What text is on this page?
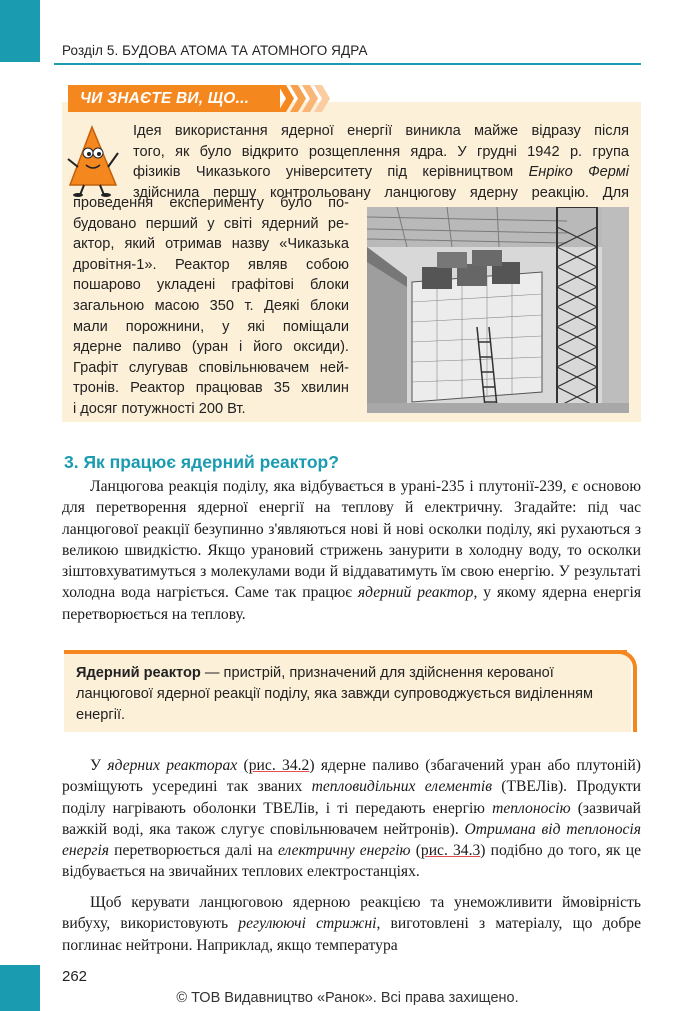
Розділ 5. БУДОВА АТОМА ТА АТОМНОГО ЯДРА
ЧИ ЗНАЄТЕ ВИ, ЩО...
Ідея використання ядерної енергії виникла майже відразу після
того, як було відкрито розщеплення ядра. У грудні 1942 р. група
фізиків Чиказького університету під керівництвом Енріко Фермі
здійснила першу контрольовану ланцюгову ядерну реакцію. Для
проведення експерименту було по-
будовано перший у світі ядерний ре-
актор, який отримав назву «Чиказька
дровітня-1». Реактор являв собою
пошарово укладені графітові блоки
загальною масою 350 т. Деякі блоки
мали порожнини, у які поміщали
ядерне паливо (уран і його оксиди).
Графіт слугував сповільнювачем ней-
тронів. Реактор працював 35 хвилин
і досяг потужності 200 Вт.
3. Як працює ядерний реактор?
Ланцюгова реакція поділу, яка відбувається в урані-235 і плутонії-239, є основою для перетворення ядерної енергії на теплову й електричну. Згадайте: під час ланцюгової реакції безупинно з'являються нові й нові осколки поділу, які рухаються з великою швидкістю. Якщо урановий стрижень занурити в холодну воду, то осколки зіштовхуватимуться з молекулами води й віддаватимуть їм свою енергію. У результаті холодна вода нагріється. Саме так працює ядерний реактор, у якому ядерна енергія перетворюється на теплову.
Ядерний реактор — пристрій, призначений для здійснення керованої ланцюгової ядерної реакції поділу, яка завжди супроводжується виділенням енергії.
У ядерних реакторах (рис. 34.2) ядерне паливо (збагачений уран або плутоній) розміщують усередині так званих тепловидільних елементів (ТВЕЛів). Продукти поділу нагрівають оболонки ТВЕЛів, і ті передають енергію теплоносію (зазвичай важкій воді, яка також слугує сповільнювачем нейтронів). Отримана від теплоносія енергія перетворюється далі на електричну енергію (рис. 34.3) подібно до того, як це відбувається на звичайних теплових електростанціях.
Щоб керувати ланцюговою ядерною реакцією та унеможливити ймовірність вибуху, використовують регулюючі стрижні, виготовлені з матеріалу, що добре поглинає нейтрони. Наприклад, якщо температура
262
© ТОВ Видавництво «Ранок». Всі права захищено.
